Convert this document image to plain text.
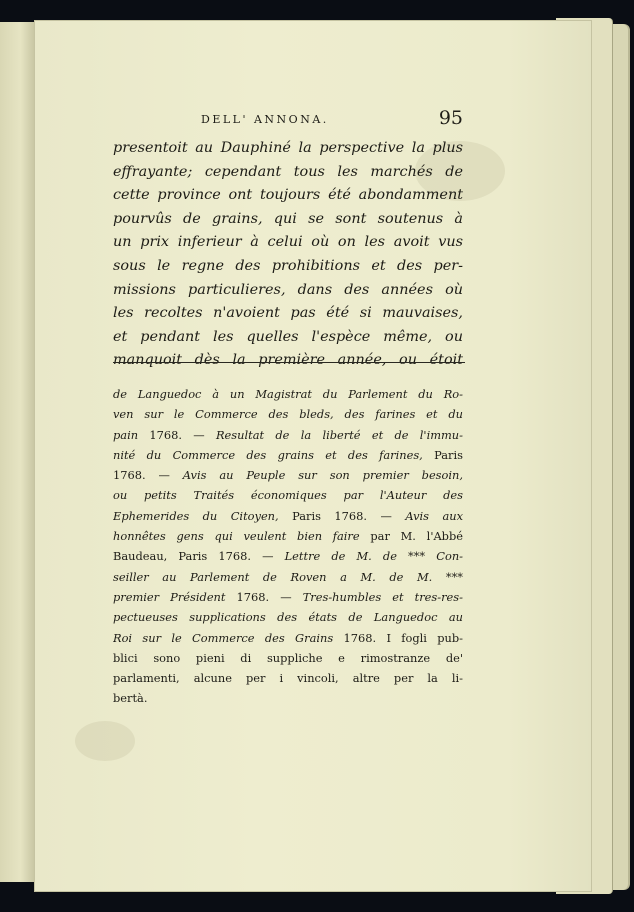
DELL' ANNONA.	95
presentoit au Dauphiné la perspective la plus
effrayante; cependant tous les marchés de
cette province ont toujours été abondamment
pourvûs de grains, qui se sont soutenus à
un prix inferieur à celui où on les avoit vus
sous le regne des prohibitions et des per-
missions particulieres, dans des années où
les recoltes n'avoient pas été si mauvaises,
et pendant les quelles l'espèce même, ou
manquoit dès la première année, ou étoit
de Languedoc à un Magistrat du Parlement du Ro-
ven sur le Commerce des bleds, des farines et du
pain 1768. — Resultat de la liberté et de l'immu-
nité du Commerce des grains et des farines, Paris
1768. — Avis au Peuple sur son premier besoin,
ou petits Traités économiques par l'Auteur des
Ephemerides du Citoyen, Paris 1768. — Avis aux
honnêtes gens qui veulent bien faire par M. l'Abbé
Baudeau, Paris 1768. — Lettre de M. de *** Con-
seiller au Parlement de Roven a M. de M. ***
premier Président 1768. — Tres-humbles et tres-res-
pectueuses supplications des états de Languedoc au
Roi sur le Commerce des Grains 1768. I fogli pub-
blici sono pieni di suppliche e rimostranze de'
parlamenti, alcune per i vincoli, altre per la li-
bertà.
